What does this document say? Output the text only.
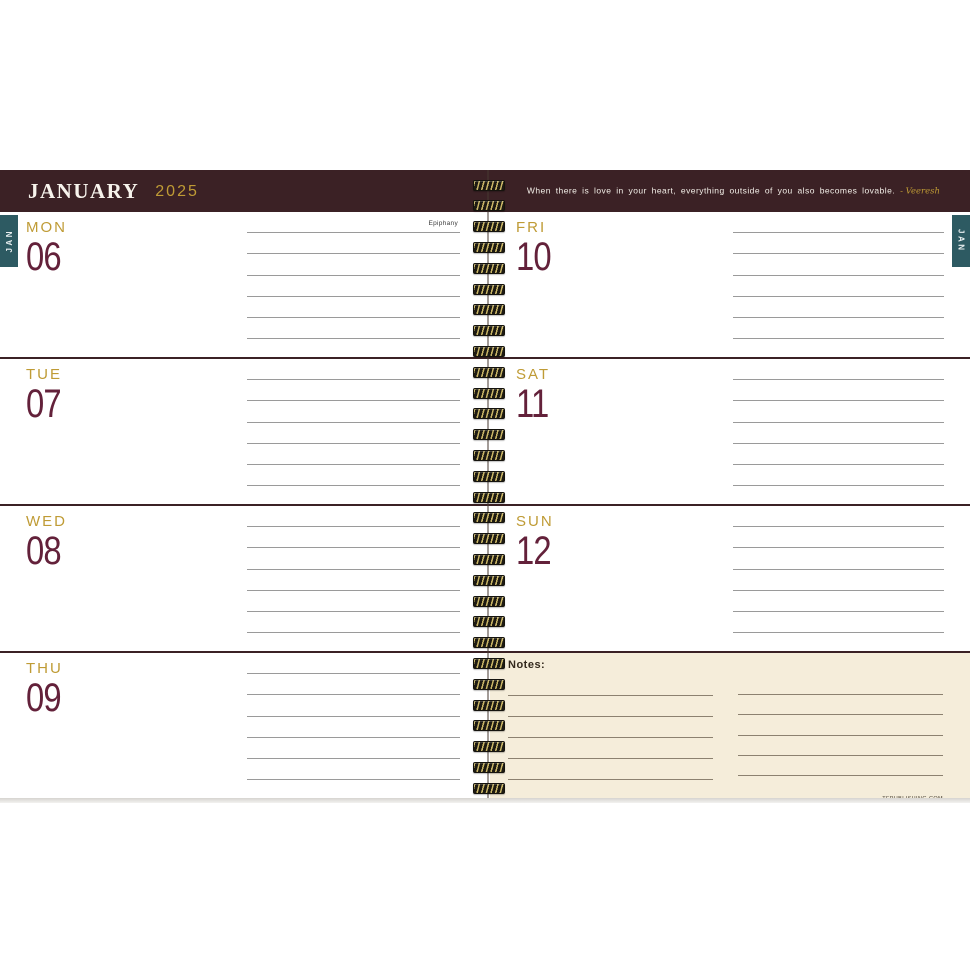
JANUARY 2025	When there is love in your heart, everything outside of you also becomes lovable. - Veeresh
JAN	JAN
MON
06
Epiphany
TUE
07
WED
08
THU
09
FRI
10
SAT
11
SUN
12
Notes:
